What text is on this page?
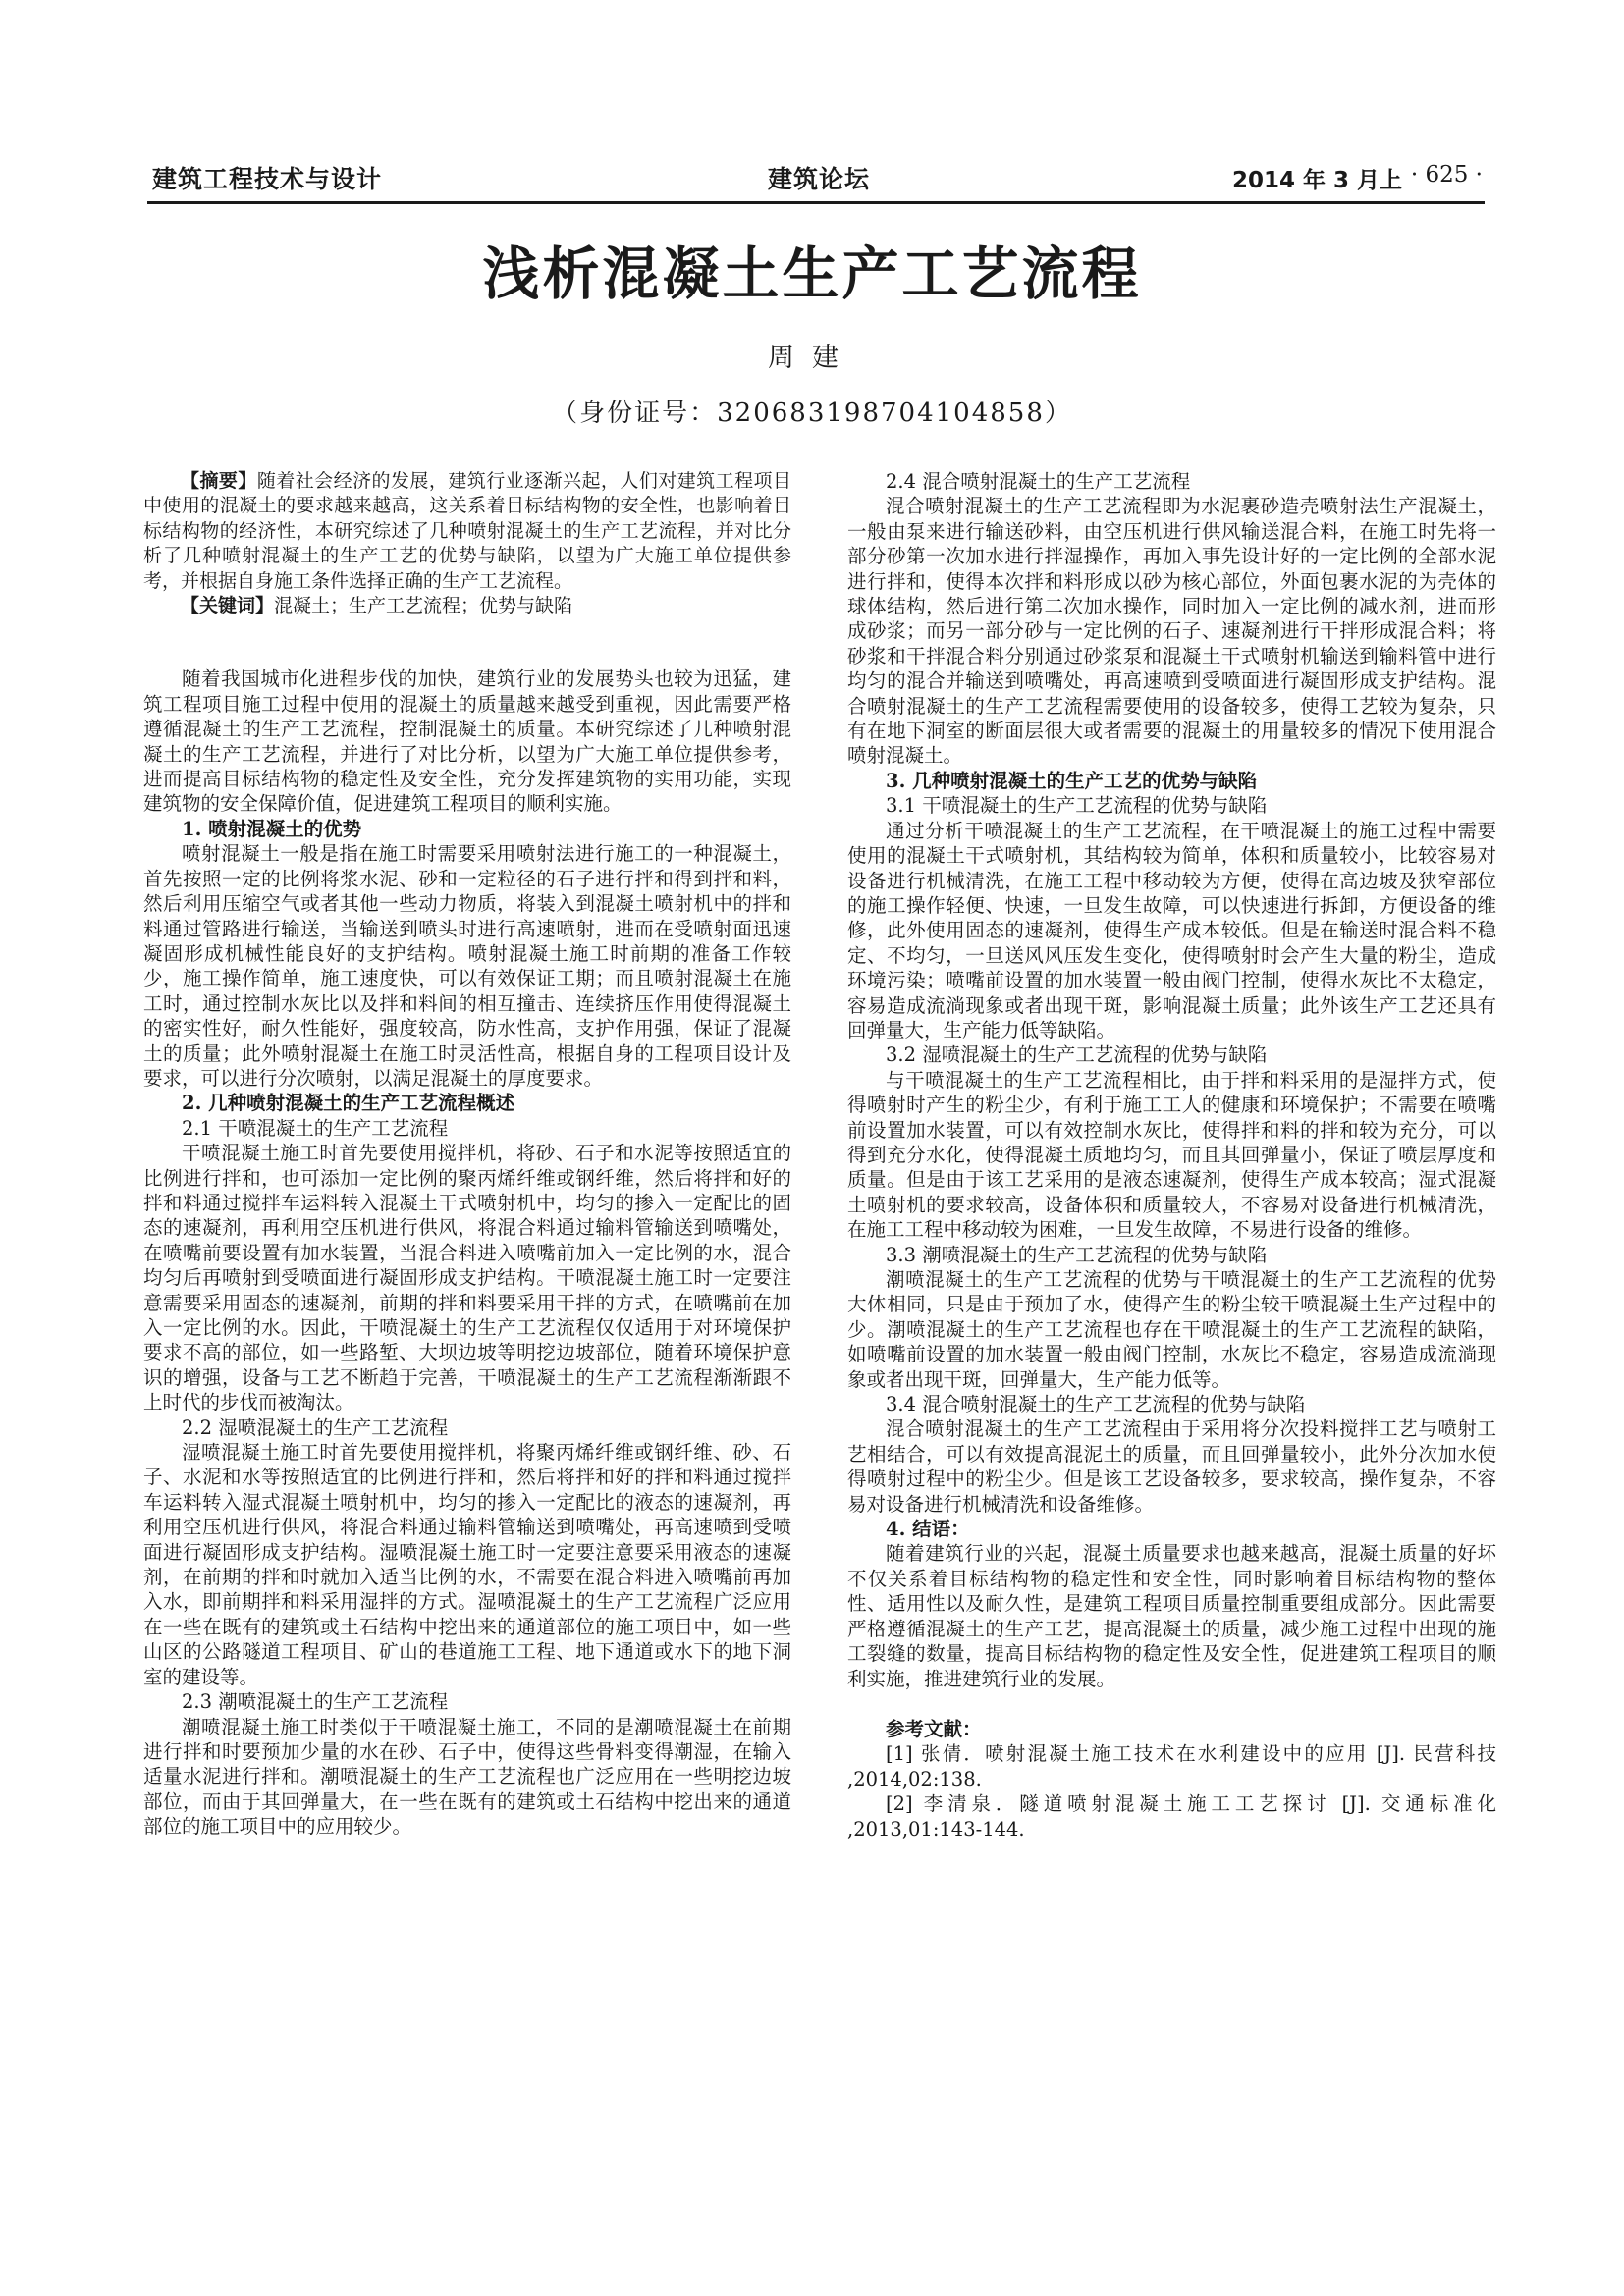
建筑工程技术与设计	建筑论坛	2014 年 3 月上 · 625 ·
浅析混凝土生产工艺流程
周建
（身份证号：320683198704104858）

【摘要】随着社会经济的发展，建筑行业逐渐兴起，人们对建筑工程项目中使用的混凝土的要求越来越高，这关系着目标结构物的安全性，也影响着目标结构物的经济性，本研究综述了几种喷射混凝土的生产工艺流程，并对比分析了几种喷射混凝土的生产工艺的优势与缺陷，以望为广大施工单位提供参考，并根据自身施工条件选择正确的生产工艺流程。

【关键词】混凝土；生产工艺流程；优势与缺陷

随着我国城市化进程步伐的加快，建筑行业的发展势头也较为迅猛，建筑工程项目施工过程中使用的混凝土的质量越来越受到重视，因此需要严格遵循混凝土的生产工艺流程，控制混凝土的质量。本研究综述了几种喷射混凝土的生产工艺流程，并进行了对比分析，以望为广大施工单位提供参考，进而提高目标结构物的稳定性及安全性，充分发挥建筑物的实用功能，实现建筑物的安全保障价值，促进建筑工程项目的顺利实施。

1. 喷射混凝土的优势

喷射混凝土一般是指在施工时需要采用喷射法进行施工的一种混凝土，首先按照一定的比例将浆水泥、砂和一定粒径的石子进行拌和得到拌和料，然后利用压缩空气或者其他一些动力物质，将装入到混凝土喷射机中的拌和料通过管路进行输送，当输送到喷头时进行高速喷射，进而在受喷射面迅速凝固形成机械性能良好的支护结构。喷射混凝土施工时前期的准备工作较少，施工操作简单，施工速度快，可以有效保证工期；而且喷射混凝土在施工时，通过控制水灰比以及拌和料间的相互撞击、连续挤压作用使得混凝土的密实性好，耐久性能好，强度较高，防水性高，支护作用强，保证了混凝土的质量；此外喷射混凝土在施工时灵活性高，根据自身的工程项目设计及要求，可以进行分次喷射，以满足混凝土的厚度要求。

2. 几种喷射混凝土的生产工艺流程概述
2.1 干喷混凝土的生产工艺流程

干喷混凝土施工时首先要使用搅拌机，将砂、石子和水泥等按照适宜的比例进行拌和，也可添加一定比例的聚丙烯纤维或钢纤维，然后将拌和好的拌和料通过搅拌车运料转入混凝土干式喷射机中，均匀的掺入一定配比的固态的速凝剂，再利用空压机进行供风，将混合料通过输料管输送到喷嘴处，在喷嘴前要设置有加水装置，当混合料进入喷嘴前加入一定比例的水，混合均匀后再喷射到受喷面进行凝固形成支护结构。干喷混凝土施工时一定要注意需要采用固态的速凝剂，前期的拌和料要采用干拌的方式，在喷嘴前在加入一定比例的水。因此，干喷混凝土的生产工艺流程仅仅适用于对环境保护要求不高的部位，如一些路堑、大坝边坡等明挖边坡部位，随着环境保护意识的增强，设备与工艺不断趋于完善，干喷混凝土的生产工艺流程渐渐跟不上时代的步伐而被淘汰。

2.2 湿喷混凝土的生产工艺流程

湿喷混凝土施工时首先要使用搅拌机，将聚丙烯纤维或钢纤维、砂、石子、水泥和水等按照适宜的比例进行拌和，然后将拌和好的拌和料通过搅拌车运料转入湿式混凝土喷射机中，均匀的掺入一定配比的液态的速凝剂，再利用空压机进行供风，将混合料通过输料管输送到喷嘴处，再高速喷到受喷面进行凝固形成支护结构。湿喷混凝土施工时一定要注意要采用液态的速凝剂，在前期的拌和时就加入适当比例的水，不需要在混合料进入喷嘴前再加入水，即前期拌和料采用湿拌的方式。湿喷混凝土的生产工艺流程广泛应用在一些在既有的建筑或土石结构中挖出来的通道部位的施工项目中，如一些山区的公路隧道工程项目、矿山的巷道施工工程、地下通道或水下的地下洞室的建设等。

2.3 潮喷混凝土的生产工艺流程

潮喷混凝土施工时类似于干喷混凝土施工，不同的是潮喷混凝土在前期进行拌和时要预加少量的水在砂、石子中，使得这些骨料变得潮湿，在输入适量水泥进行拌和。潮喷混凝土的生产工艺流程也广泛应用在一些明挖边坡部位，而由于其回弹量大，在一些在既有的建筑或土石结构中挖出来的通道部位的施工项目中的应用较少。

2.4 混合喷射混凝土的生产工艺流程

混合喷射混凝土的生产工艺流程即为水泥裹砂造壳喷射法生产混凝土，一般由泵来进行输送砂料，由空压机进行供风输送混合料，在施工时先将一部分砂第一次加水进行拌湿操作，再加入事先设计好的一定比例的全部水泥进行拌和，使得本次拌和料形成以砂为核心部位，外面包裹水泥的为壳体的球体结构，然后进行第二次加水操作，同时加入一定比例的减水剂，进而形成砂浆；而另一部分砂与一定比例的石子、速凝剂进行干拌形成混合料；将砂浆和干拌混合料分别通过砂浆泵和混凝土干式喷射机输送到输料管中进行均匀的混合并输送到喷嘴处，再高速喷到受喷面进行凝固形成支护结构。混合喷射混凝土的生产工艺流程需要使用的设备较多，使得工艺较为复杂，只有在地下洞室的断面层很大或者需要的混凝土的用量较多的情况下使用混合喷射混凝土。

3. 几种喷射混凝土的生产工艺的优势与缺陷
3.1 干喷混凝土的生产工艺流程的优势与缺陷

通过分析干喷混凝土的生产工艺流程，在干喷混凝土的施工过程中需要使用的混凝土干式喷射机，其结构较为简单，体积和质量较小，比较容易对设备进行机械清洗，在施工工程中移动较为方便，使得在高边坡及狭窄部位的施工操作轻便、快速，一旦发生故障，可以快速进行拆卸，方便设备的维修，此外使用固态的速凝剂，使得生产成本较低。但是在输送时混合料不稳定、不均匀，一旦送风风压发生变化，使得喷射时会产生大量的粉尘，造成环境污染；喷嘴前设置的加水装置一般由阀门控制，使得水灰比不太稳定，容易造成流淌现象或者出现干斑，影响混凝土质量；此外该生产工艺还具有回弹量大，生产能力低等缺陷。

3.2 湿喷混凝土的生产工艺流程的优势与缺陷

与干喷混凝土的生产工艺流程相比，由于拌和料采用的是湿拌方式，使得喷射时产生的粉尘少，有利于施工工人的健康和环境保护；不需要在喷嘴前设置加水装置，可以有效控制水灰比，使得拌和料的拌和较为充分，可以得到充分水化，使得混凝土质地均匀，而且其回弹量小，保证了喷层厚度和质量。但是由于该工艺采用的是液态速凝剂，使得生产成本较高；湿式混凝土喷射机的要求较高，设备体积和质量较大，不容易对设备进行机械清洗，在施工工程中移动较为困难，一旦发生故障，不易进行设备的维修。

3.3 潮喷混凝土的生产工艺流程的优势与缺陷

潮喷混凝土的生产工艺流程的优势与干喷混凝土的生产工艺流程的优势大体相同，只是由于预加了水，使得产生的粉尘较干喷混凝土生产过程中的少。潮喷混凝土的生产工艺流程也存在干喷混凝土的生产工艺流程的缺陷，如喷嘴前设置的加水装置一般由阀门控制，水灰比不稳定，容易造成流淌现象或者出现干斑，回弹量大，生产能力低等。

3.4 混合喷射混凝土的生产工艺流程的优势与缺陷

混合喷射混凝土的生产工艺流程由于采用将分次投料搅拌工艺与喷射工艺相结合，可以有效提高混泥土的质量，而且回弹量较小，此外分次加水使得喷射过程中的粉尘少。但是该工艺设备较多，要求较高，操作复杂，不容易对设备进行机械清洗和设备维修。

4. 结语：

随着建筑行业的兴起，混凝土质量要求也越来越高，混凝土质量的好坏不仅关系着目标结构物的稳定性和安全性，同时影响着目标结构物的整体性、适用性以及耐久性，是建筑工程项目质量控制重要组成部分。因此需要严格遵循混凝土的生产工艺，提高混凝土的质量，减少施工过程中出现的施工裂缝的数量，提高目标结构物的稳定性及安全性，促进建筑工程项目的顺利实施，推进建筑行业的发展。

参考文献：

[1] 张倩．喷射混凝土施工技术在水利建设中的应用 [J]. 民营科技 ,2014,02:138.

[2] 李清泉．隧道喷射混凝土施工工艺探讨 [J]. 交通标准化 ,2013,01:143-144.
